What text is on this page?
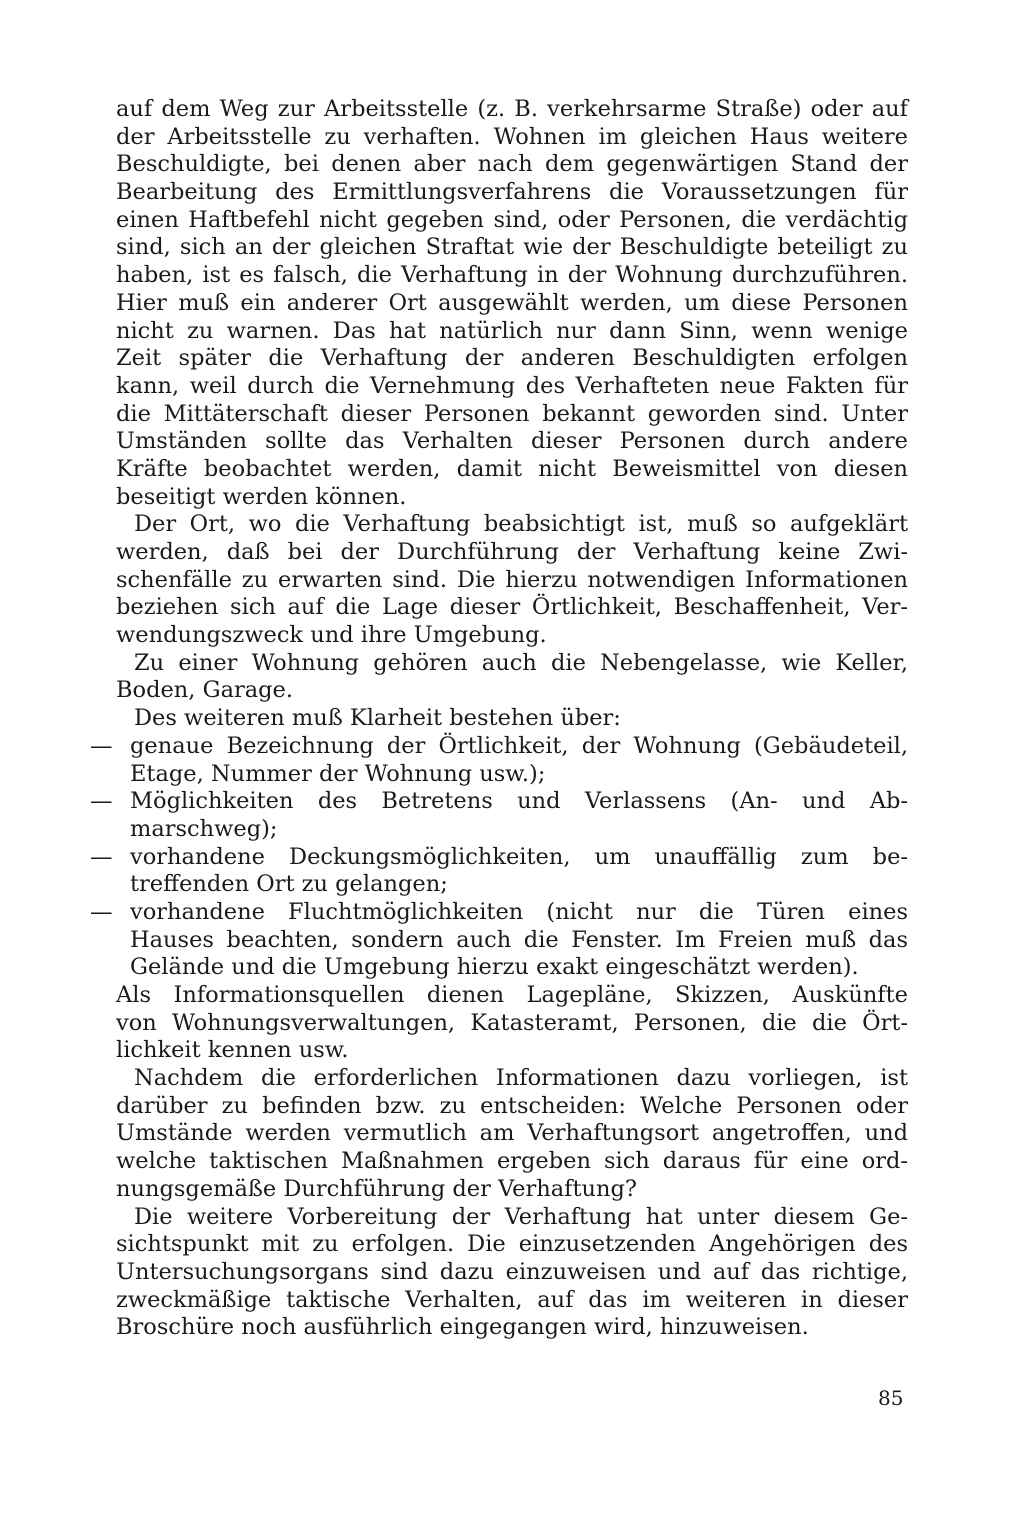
auf dem Weg zur Arbeitsstelle (z. B. verkehrsarme Straße) oder auf
der Arbeitsstelle zu verhaften. Wohnen im gleichen Haus weitere
Beschuldigte, bei denen aber nach dem gegenwärtigen Stand der
Bearbeitung des Ermittlungsverfahrens die Voraussetzungen für
einen Haftbefehl nicht gegeben sind, oder Personen, die verdächtig
sind, sich an der gleichen Straftat wie der Beschuldigte beteiligt zu
haben, ist es falsch, die Verhaftung in der Wohnung durchzuführen.
Hier muß ein anderer Ort ausgewählt werden, um diese Personen
nicht zu warnen. Das hat natürlich nur dann Sinn, wenn wenige
Zeit später die Verhaftung der anderen Beschuldigten erfolgen
kann, weil durch die Vernehmung des Verhafteten neue Fakten für
die Mittäterschaft dieser Personen bekannt geworden sind. Unter
Umständen sollte das Verhalten dieser Personen durch andere
Kräfte beobachtet werden, damit nicht Beweismittel von diesen
beseitigt werden können.
Der Ort, wo die Verhaftung beabsichtigt ist, muß so aufgeklärt
werden, daß bei der Durchführung der Verhaftung keine Zwi-
schenfälle zu erwarten sind. Die hierzu notwendigen Informationen
beziehen sich auf die Lage dieser Örtlichkeit, Beschaffenheit, Ver-
wendungszweck und ihre Umgebung.
Zu einer Wohnung gehören auch die Nebengelasse, wie Keller,
Boden, Garage.
Des weiteren muß Klarheit bestehen über:
— genaue Bezeichnung der Örtlichkeit, der Wohnung (Gebäudeteil,
Etage, Nummer der Wohnung usw.);
— Möglichkeiten des Betretens und Verlassens (An- und Ab-
marschweg);
— vorhandene Deckungsmöglichkeiten, um unauffällig zum be-
treffenden Ort zu gelangen;
— vorhandene Fluchtmöglichkeiten (nicht nur die Türen eines
Hauses beachten, sondern auch die Fenster. Im Freien muß das
Gelände und die Umgebung hierzu exakt eingeschätzt werden).
Als Informationsquellen dienen Lagepläne, Skizzen, Auskünfte
von Wohnungsverwaltungen, Katasteramt, Personen, die die Ört-
lichkeit kennen usw.
Nachdem die erforderlichen Informationen dazu vorliegen, ist
darüber zu befinden bzw. zu entscheiden: Welche Personen oder
Umstände werden vermutlich am Verhaftungsort angetroffen, und
welche taktischen Maßnahmen ergeben sich daraus für eine ord-
nungsgemäße Durchführung der Verhaftung?
Die weitere Vorbereitung der Verhaftung hat unter diesem Ge-
sichtspunkt mit zu erfolgen. Die einzusetzenden Angehörigen des
Untersuchungsorgans sind dazu einzuweisen und auf das richtige,
zweckmäßige taktische Verhalten, auf das im weiteren in dieser
Broschüre noch ausführlich eingegangen wird, hinzuweisen.
85
